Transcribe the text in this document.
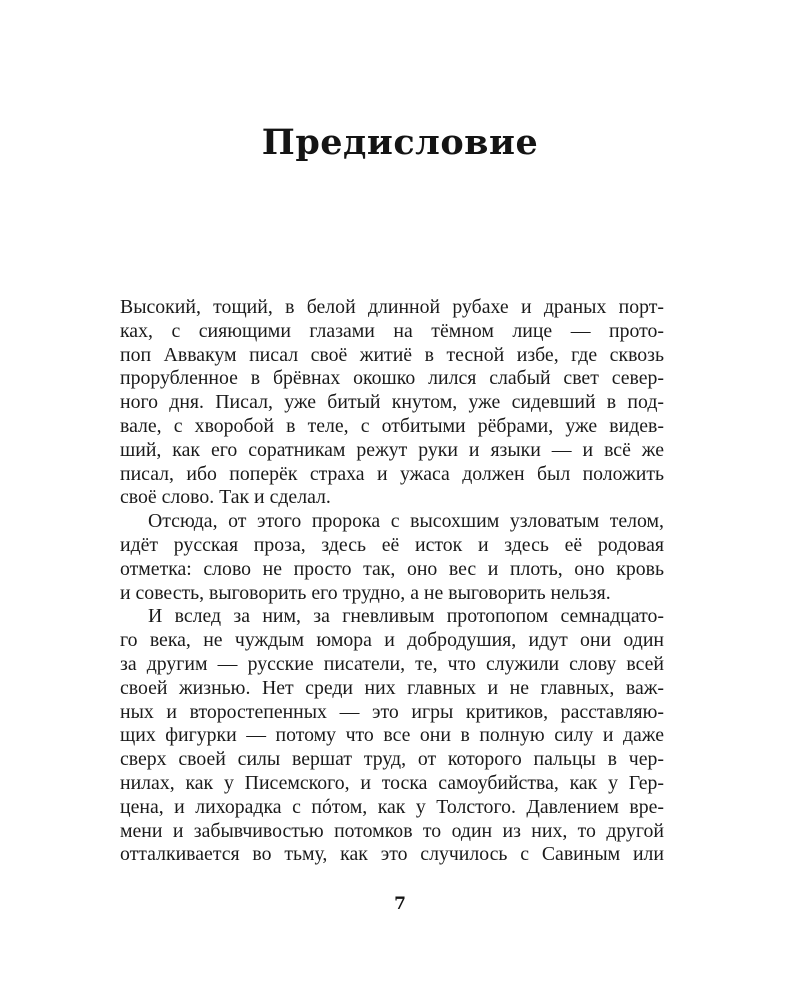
Предисловие
Высокий, тощий, в белой длинной рубахе и драных порт-
ках, с сияющими глазами на тёмном лице — прото-
поп Аввакум писал своё житиё в тесной избе, где сквозь
прорубленное в брёвнах окошко лился слабый свет север-
ного дня. Писал, уже битый кнутом, уже сидевший в под-
вале, с хворобой в теле, с отбитыми рёбрами, уже видев-
ший, как его соратникам режут руки и языки — и всё же
писал, ибо поперёк страха и ужаса должен был положить
своё слово. Так и сделал.
Отсюда, от этого пророка с высохшим узловатым телом,
идёт русская проза, здесь её исток и здесь её родовая
отметка: слово не просто так, оно вес и плоть, оно кровь
и совесть, выговорить его трудно, а не выговорить нельзя.
И вслед за ним, за гневливым протопопом семнадцато-
го века, не чуждым юмора и добродушия, идут они один
за другим — русские писатели, те, что служили слову всей
своей жизнью. Нет среди них главных и не главных, важ-
ных и второстепенных — это игры критиков, расставляю-
щих фигурки — потому что все они в полную силу и даже
сверх своей силы вершат труд, от которого пальцы в чер-
нилах, как у Писемского, и тоска самоубийства, как у Гер-
цена, и лихорадка с пóтом, как у Толстого. Давлением вре-
мени и забывчивостью потомков то один из них, то другой
отталкивается во тьму, как это случилось с Савиным или
7
